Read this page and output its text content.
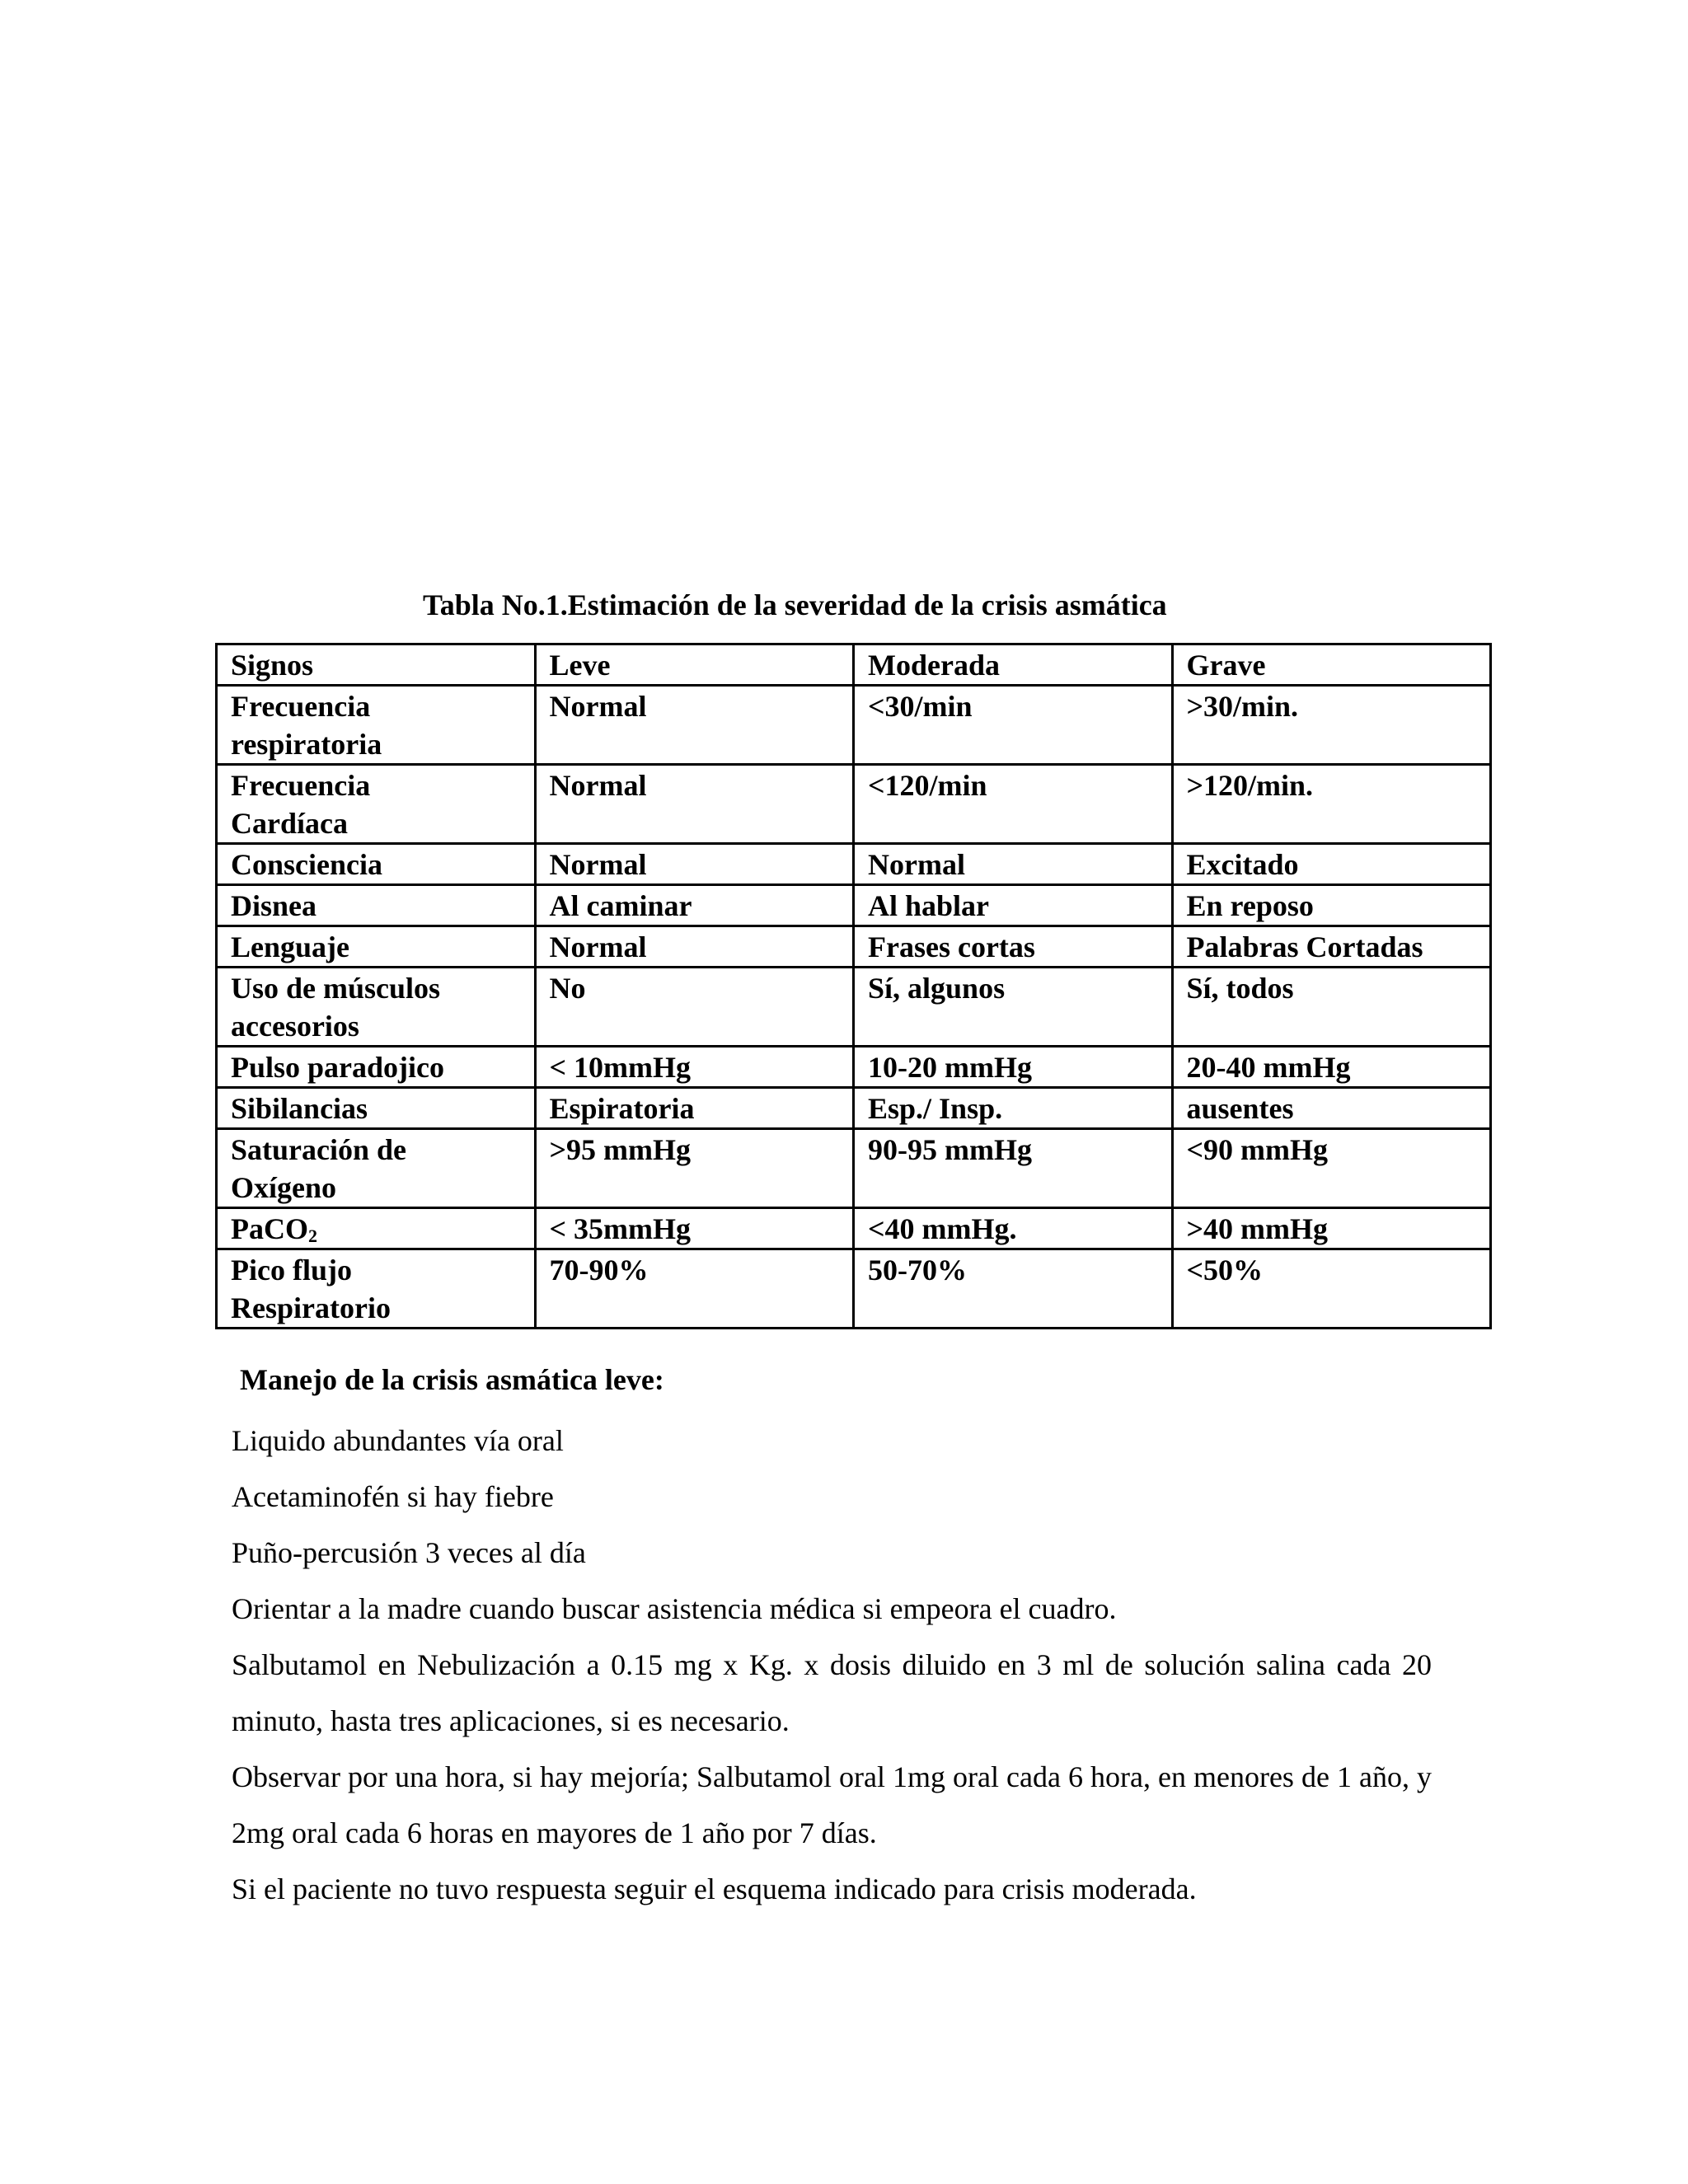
Tabla No.1.Estimación de la severidad de la crisis asmática
Signos	Leve	Moderada	Grave
Frecuencia
respiratoria	Normal	<30/min	>30/min.
Frecuencia
Cardíaca	Normal	<120/min	>120/min.
Consciencia	Normal	Normal	Excitado
Disnea	Al caminar	Al hablar	En reposo
Lenguaje	Normal	Frases cortas	Palabras Cortadas
Uso de músculos
accesorios	No	Sí, algunos	Sí, todos
Pulso paradojico	< 10mmHg	10-20 mmHg	20-40 mmHg
Sibilancias	Espiratoria	Esp./ Insp.	ausentes
Saturación de
Oxígeno	>95 mmHg	90-95 mmHg	<90 mmHg
PaCO$_2$	< 35mmHg	<40 mmHg.	>40 mmHg
Pico flujo
Respiratorio	70-90%	50-70%	<50%
Manejo de la crisis asmática leve:

Liquido abundantes vía oral

Acetaminofén si hay fiebre

Puño-percusión 3 veces al día

Orientar a la madre cuando buscar asistencia médica si empeora el cuadro.

Salbutamol en Nebulización a 0.15 mg x Kg. x dosis diluido en 3 ml de solución salina cada 20 minuto, hasta tres aplicaciones, si es necesario.

Observar por una hora, si hay mejoría; Salbutamol oral 1mg oral cada 6 hora, en menores de 1 año, y 2mg oral cada 6 horas en mayores de 1 año por 7 días.

Si el paciente no tuvo respuesta seguir el esquema indicado para crisis moderada.
